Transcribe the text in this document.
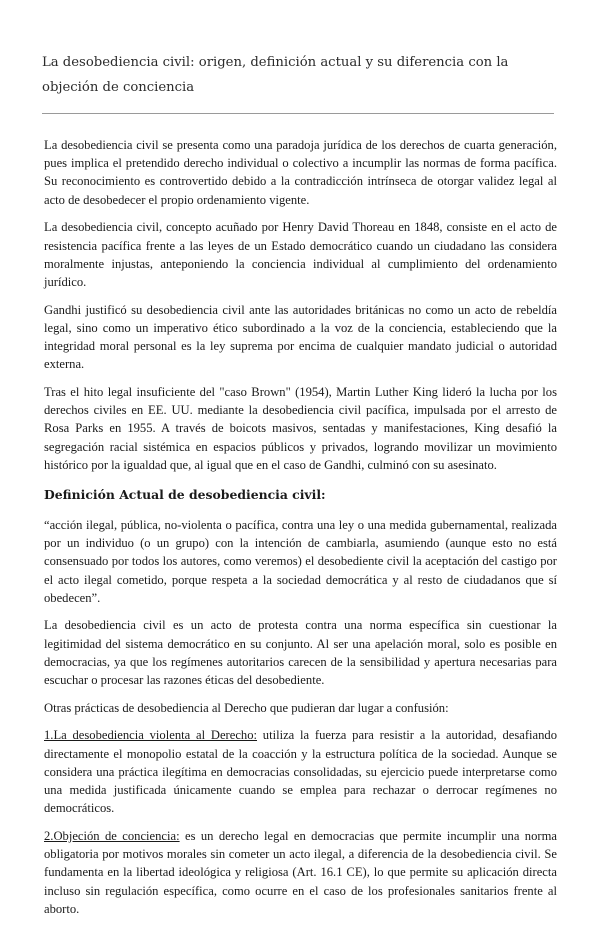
La desobediencia civil: origen, definición actual y su diferencia con la objeción de conciencia

La desobediencia civil se presenta como una paradoja jurídica de los derechos de cuarta generación, pues implica el pretendido derecho individual o colectivo a incumplir las normas de forma pacífica. Su reconocimiento es controvertido debido a la contradicción intrínseca de otorgar validez legal al acto de desobedecer el propio ordenamiento vigente.

La desobediencia civil, concepto acuñado por Henry David Thoreau en 1848, consiste en el acto de resistencia pacífica frente a las leyes de un Estado democrático cuando un ciudadano las considera moralmente injustas, anteponiendo la conciencia individual al cumplimiento del ordenamiento jurídico.

Gandhi justificó su desobediencia civil ante las autoridades británicas no como un acto de rebeldía legal, sino como un imperativo ético subordinado a la voz de la conciencia, estableciendo que la integridad moral personal es la ley suprema por encima de cualquier mandato judicial o autoridad externa.

Tras el hito legal insuficiente del "caso Brown" (1954), Martin Luther King lideró la lucha por los derechos civiles en EE. UU. mediante la desobediencia civil pacífica, impulsada por el arresto de Rosa Parks en 1955. A través de boicots masivos, sentadas y manifestaciones, King desafió la segregación racial sistémica en espacios públicos y privados, logrando movilizar un movimiento histórico por la igualdad que, al igual que en el caso de Gandhi, culminó con su asesinato.

Definición Actual de desobediencia civil:

“acción ilegal, pública, no-violenta o pacífica, contra una ley o una medida gubernamental, realizada por un individuo (o un grupo) con la intención de cambiarla, asumiendo (aunque esto no está consensuado por todos los autores, como veremos) el desobediente civil la aceptación del castigo por el acto ilegal cometido, porque respeta a la sociedad democrática y al resto de ciudadanos que sí obedecen”.

La desobediencia civil es un acto de protesta contra una norma específica sin cuestionar la legitimidad del sistema democrático en su conjunto. Al ser una apelación moral, solo es posible en democracias, ya que los regímenes autoritarios carecen de la sensibilidad y apertura necesarias para escuchar o procesar las razones éticas del desobediente.

Otras prácticas de desobediencia al Derecho que pudieran dar lugar a confusión:

1.La desobediencia violenta al Derecho: utiliza la fuerza para resistir a la autoridad, desafiando directamente el monopolio estatal de la coacción y la estructura política de la sociedad. Aunque se considera una práctica ilegítima en democracias consolidadas, su ejercicio puede interpretarse como una medida justificada únicamente cuando se emplea para rechazar o derrocar regímenes no democráticos.

2.Objeción de conciencia: es un derecho legal en democracias que permite incumplir una norma obligatoria por motivos morales sin cometer un acto ilegal, a diferencia de la desobediencia civil. Se fundamenta en la libertad ideológica y religiosa (Art. 16.1 CE), lo que permite su aplicación directa incluso sin regulación específica, como ocurre en el caso de los profesionales sanitarios frente al aborto.
